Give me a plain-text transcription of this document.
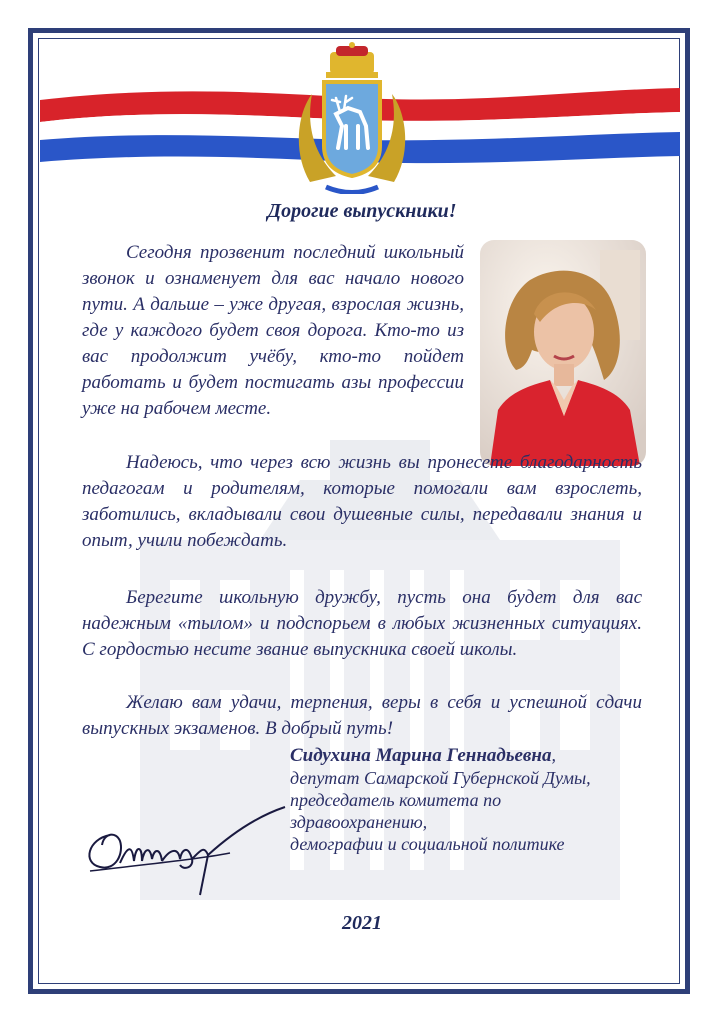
Дорогие выпускники!

Сегодня прозвенит последний школьный звонок и ознаменует для вас начало нового пути. А дальше – уже другая, взрослая жизнь, где у каждого будет своя дорога. Кто-то из вас продолжит учёбу, кто-то пойдет работать и будет постигать азы профессии уже на рабочем месте.

Надеюсь, что через всю жизнь вы пронесете благодарность педагогам и родителям, которые помогали вам взрослеть, заботились, вкладывали свои душевные силы, передавали знания и опыт, учили побеждать.

Берегите школьную дружбу, пусть она будет для вас надежным «тылом» и подспорьем в любых жизненных ситуациях. С гордостью несите звание выпускника своей школы.

Желаю вам удачи, терпения, веры в себя и успешной сдачи выпускных экзаменов. В добрый путь!

Сидухина Марина Геннадьевна,
депутат Самарской Губернской Думы,
председатель комитета по
здравоохранению,
демографии и социальной политике
2021
